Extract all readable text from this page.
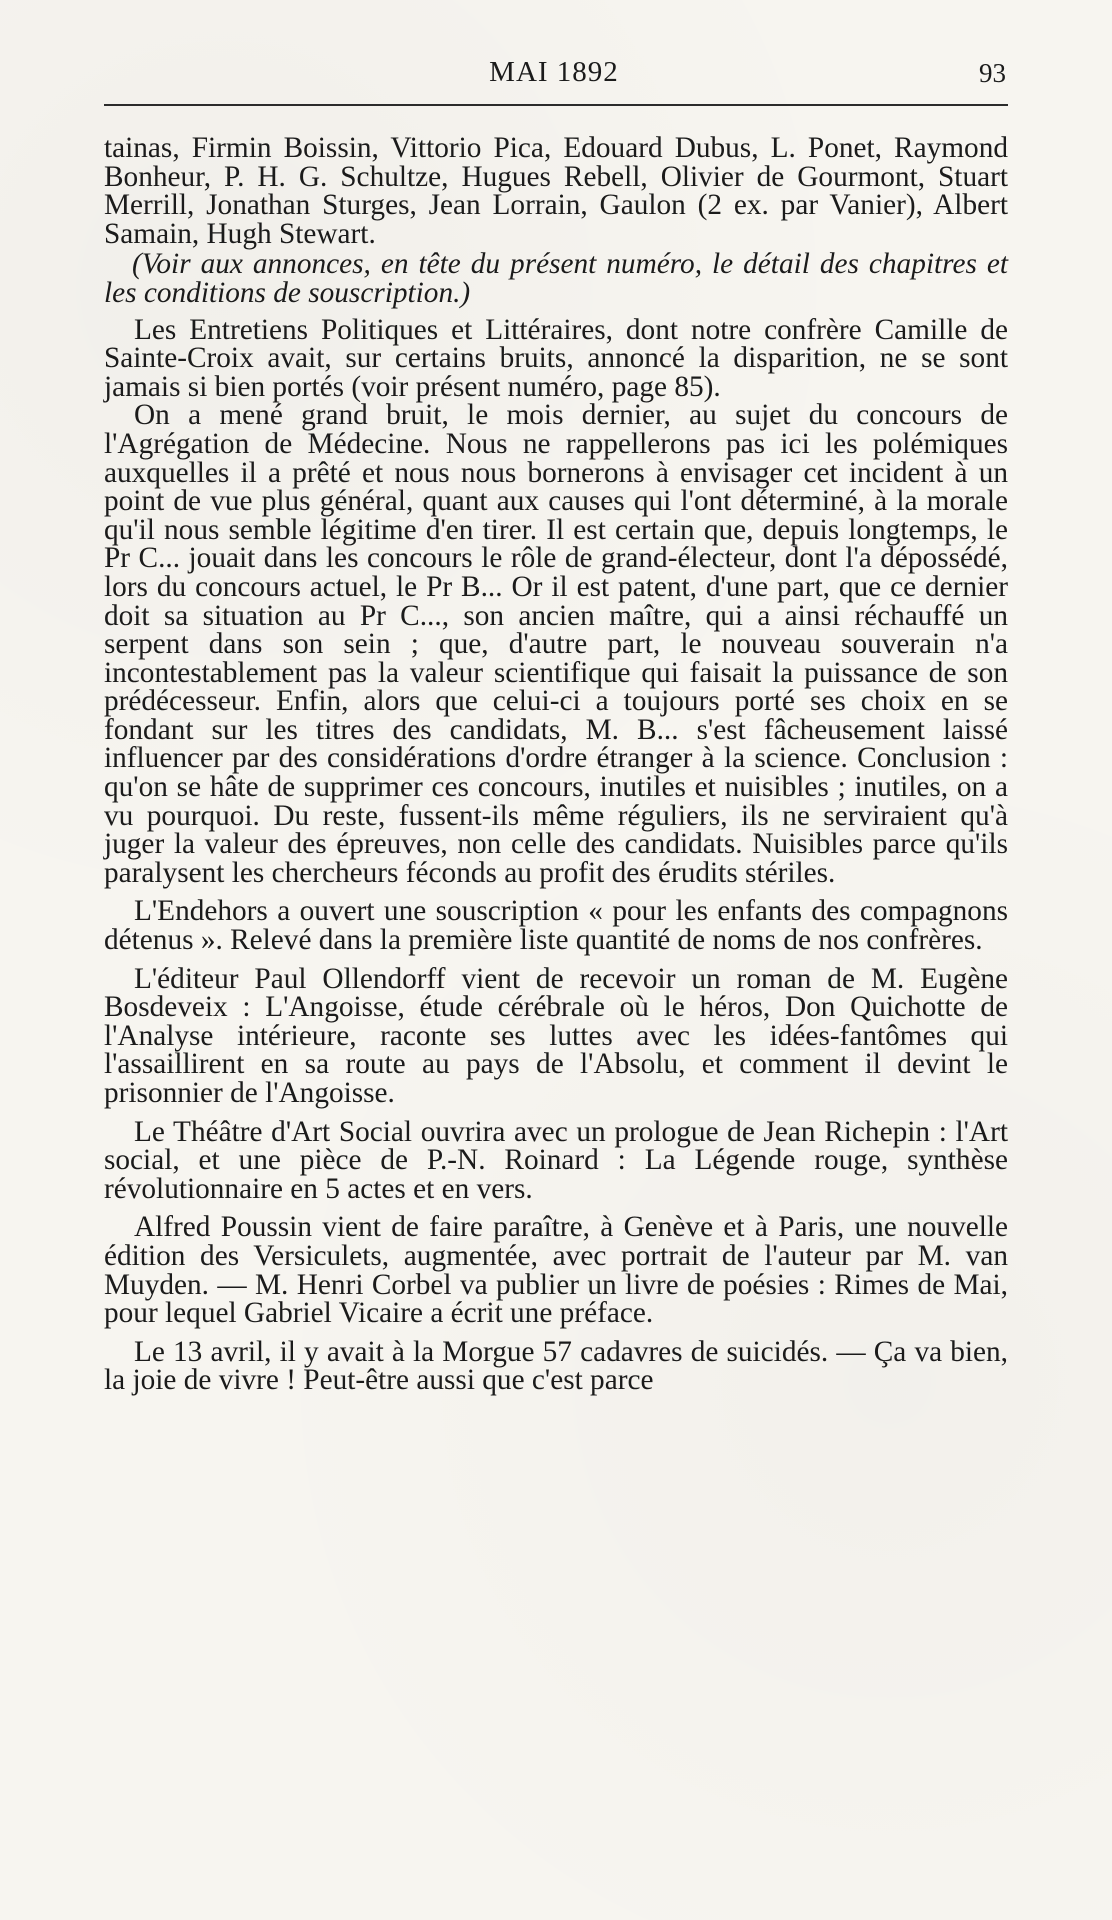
MAI 1892	93

tainas, Firmin Boissin, Vittorio Pica, Edouard Dubus, L. Ponet, Raymond Bonheur, P. H. G. Schultze, Hugues Rebell, Olivier de Gourmont, Stuart Merrill, Jonathan Sturges, Jean Lorrain, Gaulon (2 ex. par Vanier), Albert Samain, Hugh Stewart.

(Voir aux annonces, en tête du présent numéro, le détail des chapitres et les conditions de souscription.)

Les Entretiens Politiques et Littéraires, dont notre confrère Camille de Sainte-Croix avait, sur certains bruits, annoncé la disparition, ne se sont jamais si bien portés (voir présent numéro, page 85).

On a mené grand bruit, le mois dernier, au sujet du concours de l'Agrégation de Médecine. Nous ne rappellerons pas ici les polémiques auxquelles il a prêté et nous nous bornerons à envisager cet incident à un point de vue plus général, quant aux causes qui l'ont déterminé, à la morale qu'il nous semble légitime d'en tirer. Il est certain que, depuis longtemps, le Pr C... jouait dans les concours le rôle de grand-électeur, dont l'a dépossédé, lors du concours actuel, le Pr B... Or il est patent, d'une part, que ce dernier doit sa situation au Pr C..., son ancien maître, qui a ainsi réchauffé un serpent dans son sein ; que, d'autre part, le nouveau souverain n'a incontestablement pas la valeur scientifique qui faisait la puissance de son prédécesseur. Enfin, alors que celui-ci a toujours porté ses choix en se fondant sur les titres des candidats, M. B... s'est fâcheusement laissé influencer par des considérations d'ordre étranger à la science. Conclusion : qu'on se hâte de supprimer ces concours, inutiles et nuisibles ; inutiles, on a vu pourquoi. Du reste, fussent-ils même réguliers, ils ne serviraient qu'à juger la valeur des épreuves, non celle des candidats. Nuisibles parce qu'ils paralysent les chercheurs féconds au profit des érudits stériles.

L'Endehors a ouvert une souscription « pour les enfants des compagnons détenus ». Relevé dans la première liste quantité de noms de nos confrères.

L'éditeur Paul Ollendorff vient de recevoir un roman de M. Eugène Bosdeveix : L'Angoisse, étude cérébrale où le héros, Don Quichotte de l'Analyse intérieure, raconte ses luttes avec les idées-fantômes qui l'assaillirent en sa route au pays de l'Absolu, et comment il devint le prisonnier de l'Angoisse.

Le Théâtre d'Art Social ouvrira avec un prologue de Jean Richepin : l'Art social, et une pièce de P.-N. Roinard : La Légende rouge, synthèse révolutionnaire en 5 actes et en vers.

Alfred Poussin vient de faire paraître, à Genève et à Paris, une nouvelle édition des Versiculets, augmentée, avec portrait de l'auteur par M. van Muyden. — M. Henri Corbel va publier un livre de poésies : Rimes de Mai, pour lequel Gabriel Vicaire a écrit une préface.

Le 13 avril, il y avait à la Morgue 57 cadavres de suicidés. — Ça va bien, la joie de vivre ! Peut-être aussi que c'est parce
